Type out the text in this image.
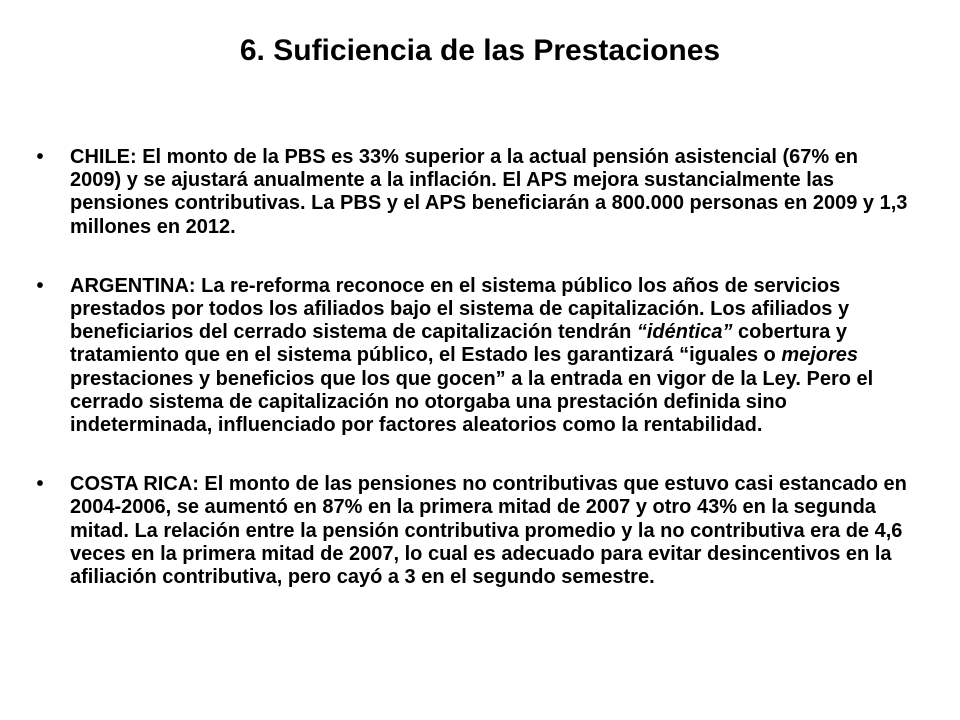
6. Suficiencia de las Prestaciones
•	CHILE: El monto de la PBS es 33% superior a la actual pensión asistencial (67% en 2009) y se ajustará anualmente a la inflación. El APS mejora sustancialmente las pensiones contributivas. La PBS y el APS beneficiarán a 800.000 personas en 2009 y 1,3 millones en 2012.
•	ARGENTINA: La re-reforma reconoce en el sistema público los años de servicios prestados por todos los afiliados bajo el sistema de capitalización. Los afiliados y beneficiarios del cerrado sistema de capitalización tendrán “idéntica” cobertura y tratamiento que en el sistema público, el Estado les garantizará “iguales o mejores prestaciones y beneficios que los que gocen” a la entrada en vigor de la Ley. Pero el cerrado sistema de capitalización no otorgaba una prestación definida sino indeterminada, influenciado por factores aleatorios como la rentabilidad.
•	COSTA RICA: El monto de las pensiones no contributivas que estuvo casi estancado en 2004-2006, se aumentó en 87% en la primera mitad de 2007 y otro 43% en la segunda mitad. La relación entre la pensión contributiva promedio y la no contributiva era de 4,6 veces en la primera mitad de 2007, lo cual es adecuado para evitar desincentivos en la afiliación contributiva, pero cayó a 3 en el segundo semestre.
